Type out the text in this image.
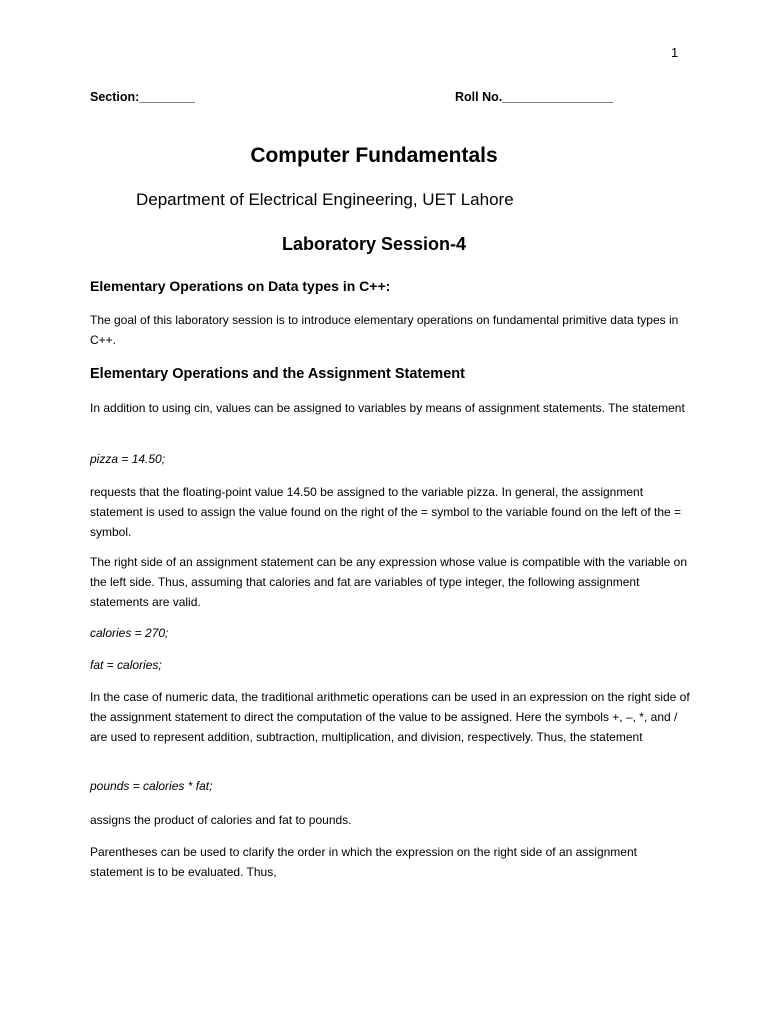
1
Section:________	Roll No.________________
Computer Fundamentals
Department of Electrical Engineering, UET Lahore
Laboratory Session-4
Elementary Operations on Data types in C++:
The goal of this laboratory session is to introduce elementary operations on fundamental primitive data types in C++.
Elementary Operations and the Assignment Statement
In addition to using cin, values can be assigned to variables by means of assignment statements. The statement
pizza = 14.50;
requests that the floating-point value 14.50 be assigned to the variable pizza. In general, the assignment statement is used to assign the value found on the right of the = symbol to the variable found on the left of the = symbol.
The right side of an assignment statement can be any expression whose value is compatible with the variable on the left side. Thus, assuming that calories and fat are variables of type integer, the following assignment statements are valid.
calories = 270;
fat = calories;
In the case of numeric data, the traditional arithmetic operations can be used in an expression on the right side of the assignment statement to direct the computation of the value to be assigned. Here the symbols +, –, *, and / are used to represent addition, subtraction, multiplication, and division, respectively. Thus, the statement
pounds = calories * fat;
assigns the product of calories and fat to pounds.
Parentheses can be used to clarify the order in which the expression on the right side of an assignment statement is to be evaluated. Thus,
